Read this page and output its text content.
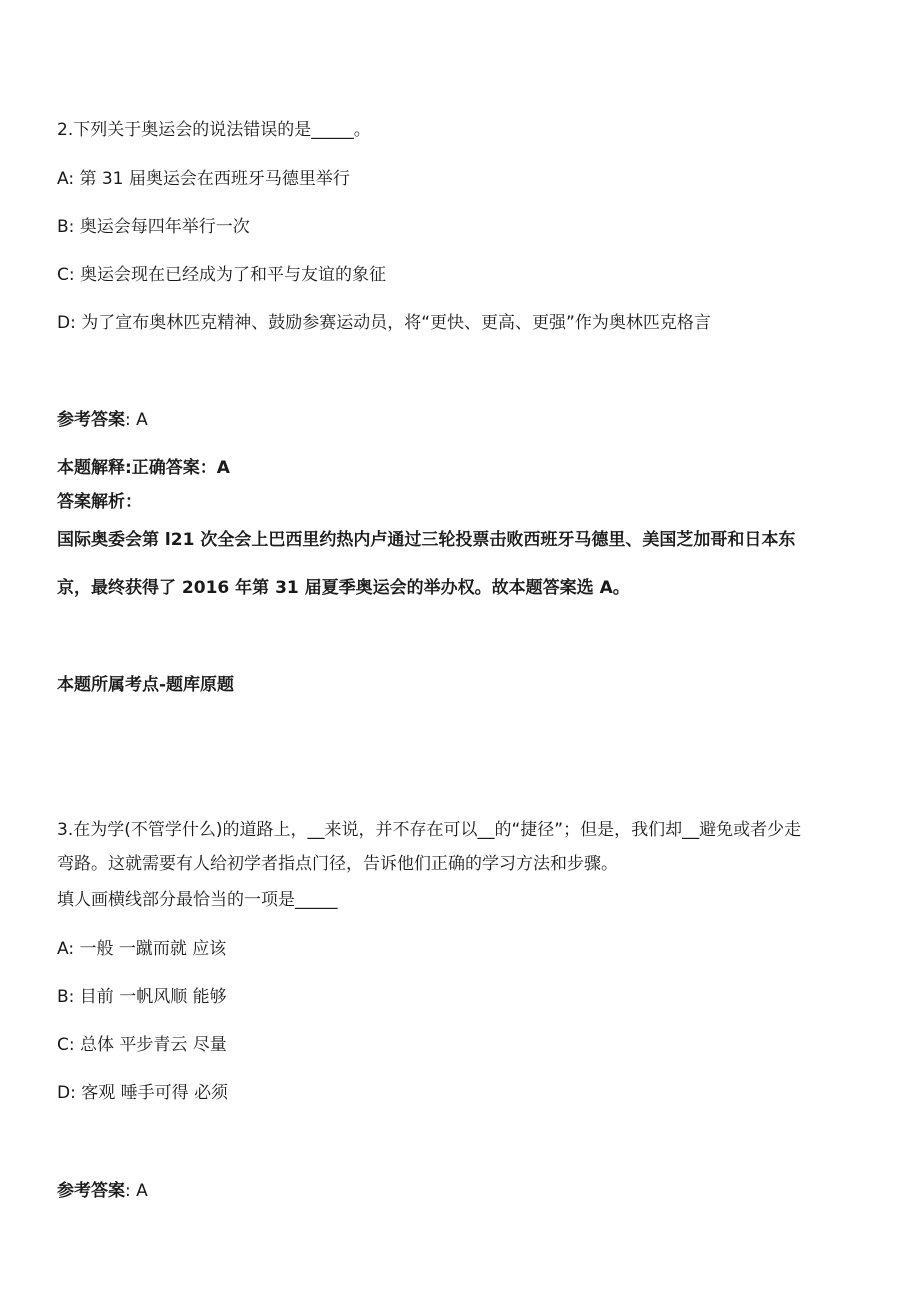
2.下列关于奥运会的说法错误的是_____。
A: 第 31 届奥运会在西班牙马德里举行
B: 奥运会每四年举行一次
C: 奥运会现在已经成为了和平与友谊的象征
D: 为了宣布奥林匹克精神、鼓励参赛运动员，将“更快、更高、更强”作为奥林匹克格言
参考答案: A
本题解释:正确答案：A
答案解析：
国际奥委会第 l21 次全会上巴西里约热内卢通过三轮投票击败西班牙马德里、美国芝加哥和日本东
京，最终获得了 2016 年第 31 届夏季奥运会的举办权。故本题答案选 A。
本题所属考点-题库原题
3.在为学(不管学什么)的道路上，__来说，并不存在可以__的“捷径”；但是，我们却__避免或者少走
弯路。这就需要有人给初学者指点门径，告诉他们正确的学习方法和步骤。
填人画横线部分最恰当的一项是_____
A: 一般 一蹴而就 应该
B: 目前 一帆风顺 能够
C: 总体 平步青云 尽量
D: 客观 唾手可得 必须
参考答案: A
